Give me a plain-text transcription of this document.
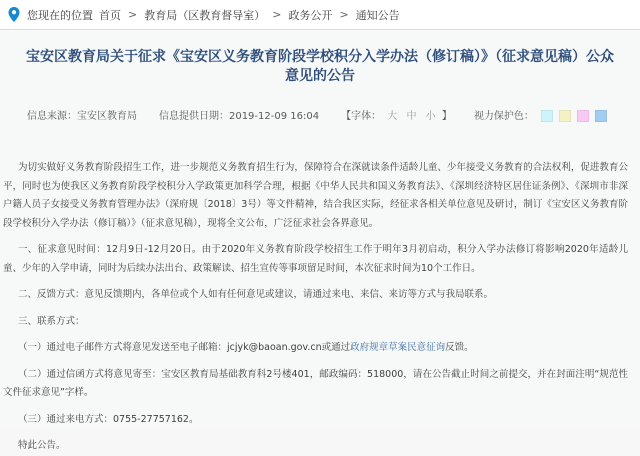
您现在的位置 首页 > 教育局（区教育督导室） > 政务公开 > 通知公告
宝安区教育局关于征求《宝安区义务教育阶段学校积分入学办法（修订稿）》（征求意见稿）公众意见的公告
信息来源：宝安区教育局 信息提供日期：2019-12-09 16:04 【字体： 大 中 小 】 视力保护色：

为切实做好义务教育阶段招生工作，进一步规范义务教育招生行为，保障符合在深就读条件适龄儿童、少年接受义务教育的合法权利，促进教育公平，同时也为使我区义务教育阶段学校积分入学政策更加科学合理，根据《中华人民共和国义务教育法》、《深圳经济特区居住证条例》、《深圳市非深户籍人员子女接受义务教育管理办法》（深府规〔2018〕3号）等文件精神，结合我区实际，经征求各相关单位意见及研讨，制订《宝安区义务教育阶段学校积分入学办法（修订稿）》（征求意见稿），现将全文公布，广泛征求社会各界意见。

一、征求意见时间：12月9日-12月20日。由于2020年义务教育阶段学校招生工作于明年3月初启动，积分入学办法修订将影响2020年适龄儿童、少年的入学申请，同时为后续办法出台、政策解读、招生宣传等事项留足时间，本次征求时间为10个工作日。

二、反馈方式：意见反馈期内，各单位或个人如有任何意见或建议，请通过来电、来信、来访等方式与我局联系。

三、联系方式：

（一）通过电子邮件方式将意见发送至电子邮箱：jcjyk@baoan.gov.cn或通过政府规章草案民意征询反馈。

（二）通过信函方式将意见寄至：宝安区教育局基础教育科2号楼401，邮政编码：518000，请在公告截止时间之前提交，并在封面注明“规范性文件征求意见”字样。

（三）通过来电方式：0755-27757162。

特此公告。
